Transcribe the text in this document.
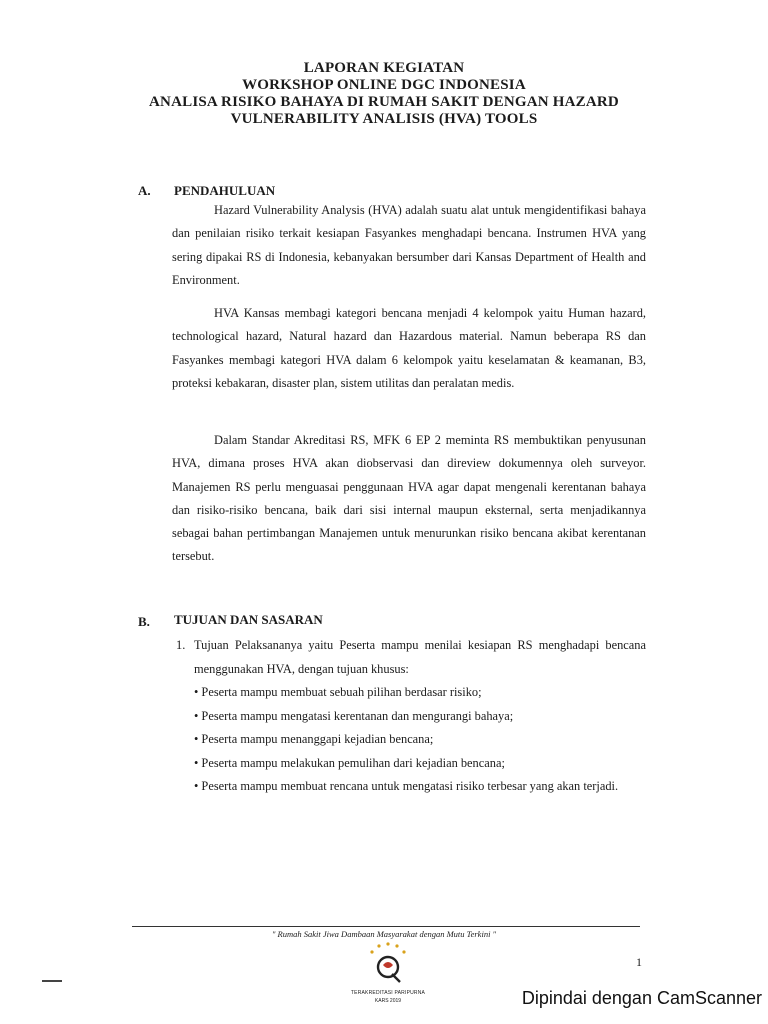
LAPORAN KEGIATAN
WORKSHOP ONLINE DGC INDONESIA
ANALISA RISIKO BAHAYA DI RUMAH SAKIT DENGAN HAZARD
VULNERABILITY ANALISIS (HVA) TOOLS
A. PENDAHULUAN

Hazard Vulnerability Analysis (HVA) adalah suatu alat untuk mengidentifikasi bahaya dan penilaian risiko terkait kesiapan Fasyankes menghadapi bencana. Instrumen HVA yang sering dipakai RS di Indonesia, kebanyakan bersumber dari Kansas Department of Health and Environment.

HVA Kansas membagi kategori bencana menjadi 4 kelompok yaitu Human hazard, technological hazard, Natural hazard dan Hazardous material. Namun beberapa RS dan Fasyankes membagi kategori HVA dalam 6 kelompok yaitu keselamatan & keamanan, B3, proteksi kebakaran, disaster plan, sistem utilitas dan peralatan medis.

Dalam Standar Akreditasi RS, MFK 6 EP 2 meminta RS membuktikan penyusunan HVA, dimana proses HVA akan diobservasi dan direview dokumennya oleh surveyor. Manajemen RS perlu menguasai penggunaan HVA agar dapat mengenali kerentanan bahaya dan risiko-risiko bencana, baik dari sisi internal maupun eksternal, serta menjadikannya sebagai bahan pertimbangan Manajemen untuk menurunkan risiko bencana akibat kerentanan tersebut.

B. TUJUAN DAN SASARAN
1. Tujuan Pelaksananya yaitu Peserta mampu menilai kesiapan RS menghadapi bencana menggunakan HVA, dengan tujuan khusus:
• Peserta mampu membuat sebuah pilihan berdasar risiko;
• Peserta mampu mengatasi kerentanan dan mengurangi bahaya;
• Peserta mampu menanggapi kejadian bencana;
• Peserta mampu melakukan pemulihan dari kejadian bencana;
• Peserta mampu membuat rencana untuk mengatasi risiko terbesar yang akan terjadi.
" Rumah Sakit Jiwa Dambaan Masyarakat dengan Mutu Terkini "
TERAKREDITASI PARIPURNA
KARS 2019
1
Dipindai dengan CamScanner
